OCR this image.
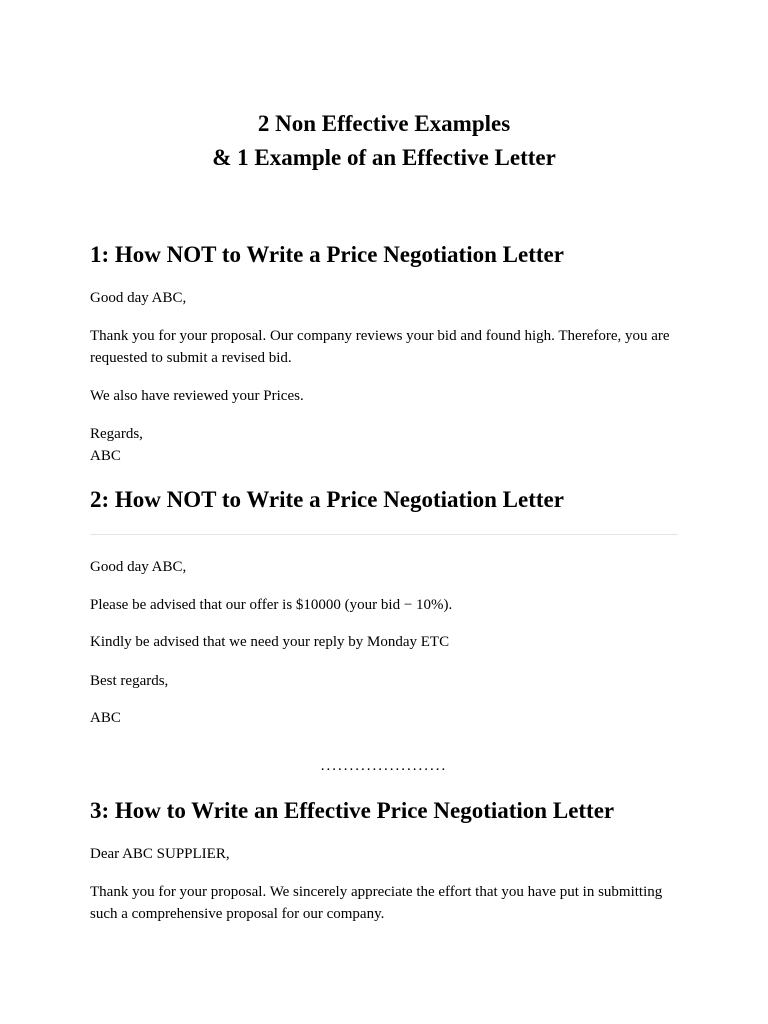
2 Non Effective Examples
& 1 Example of an Effective Letter
1: How NOT to Write a Price Negotiation Letter

Good day ABC,

Thank you for your proposal. Our company reviews your bid and found high. Therefore, you are requested to submit a revised bid.

We also have reviewed your Prices.

Regards,

ABC

2: How NOT to Write a Price Negotiation Letter

Good day ABC,

Please be advised that our offer is $10000 (your bid − 10%).

Kindly be advised that we need your reply by Monday ETC

Best regards,

ABC

......................

3: How to Write an Effective Price Negotiation Letter

Dear ABC SUPPLIER,

Thank you for your proposal. We sincerely appreciate the effort that you have put in submitting such a comprehensive proposal for our company.
